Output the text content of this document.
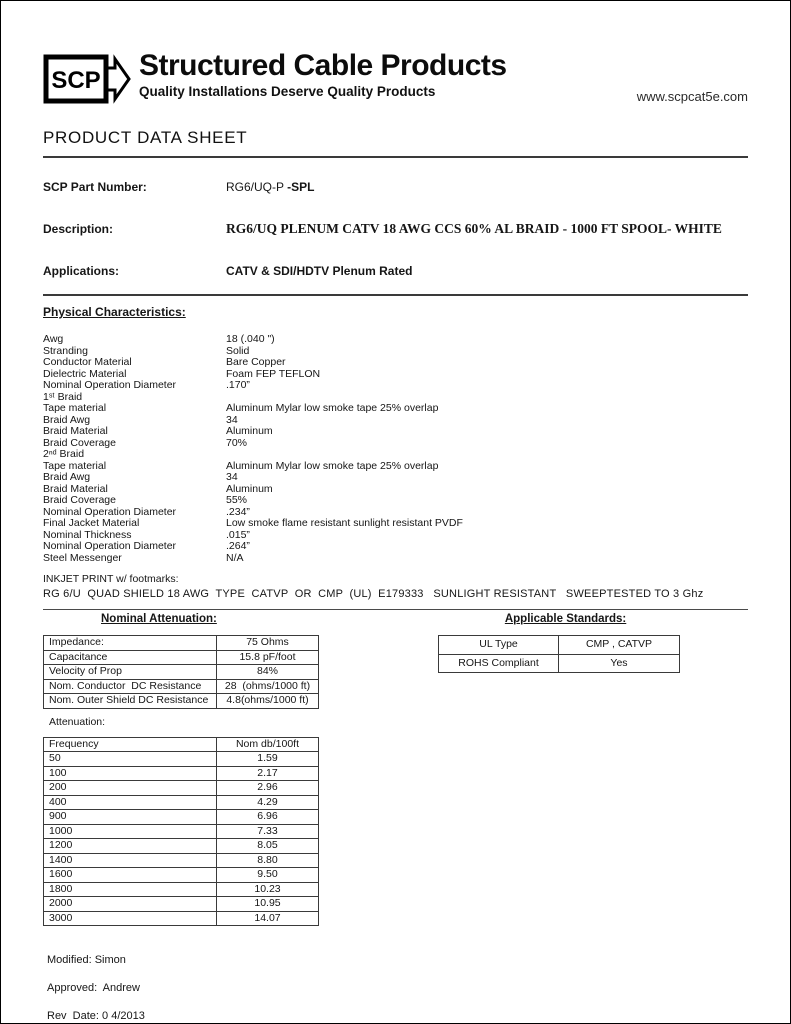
SCP Structured Cable Products
Quality Installations Deserve Quality Products	www.scpcat5e.com
PRODUCT DATA SHEET
SCP Part Number:	RG6/UQ-P -SPL
Description:	RG6/UQ PLENUM CATV 18 AWG CCS 60% AL BRAID - 1000 FT SPOOL- WHITE
Applications:	CATV & SDI/HDTV Plenum Rated
Physical Characteristics:
Awg	18 (.040 ")
Stranding	Solid
Conductor Material	Bare Copper
Dielectric Material	Foam FEP TEFLON
Nominal Operation Diameter	.170”
1ˢᵗ Braid
Tape material	Aluminum Mylar low smoke tape 25% overlap
Braid Awg	34
Braid Material	Aluminum
Braid Coverage	70%
2ⁿᵈ Braid
Tape material	Aluminum Mylar low smoke tape 25% overlap
Braid Awg	34
Braid Material	Aluminum
Braid Coverage	55%
Nominal Operation Diameter	.234”
Final Jacket Material	Low smoke flame resistant sunlight resistant PVDF
Nominal Thickness	.015”
Nominal Operation Diameter	.264”
Steel Messenger	N/A
INKJET PRINT w/ footmarks:
RG 6/U  QUAD SHIELD 18 AWG  TYPE  CATVP  OR  CMP  (UL)  E179333   SUNLIGHT RESISTANT   SWEEPTESTED TO 3 Ghz
Nominal Attenuation:	Applicable Standards:
Impedance:	75 Ohms
Capacitance	15.8 pF/foot
Velocity of Prop	84%
Nom. Conductor  DC Resistance	28  (ohms/1000 ft)
Nom. Outer Shield DC Resistance	4.8(ohms/1000 ft)
Attenuation:
Frequency	Nom db/100ft
50	1.59
100	2.17
200	2.96
400	4.29
900	6.96
1000	7.33
1200	8.05
1400	8.80
1600	9.50
1800	10.23
2000	10.95
3000	14.07
UL Type	CMP , CATVP
ROHS Compliant	Yes
Modified: Simon
Approved:  Andrew
Rev  Date: 0 4/2013
